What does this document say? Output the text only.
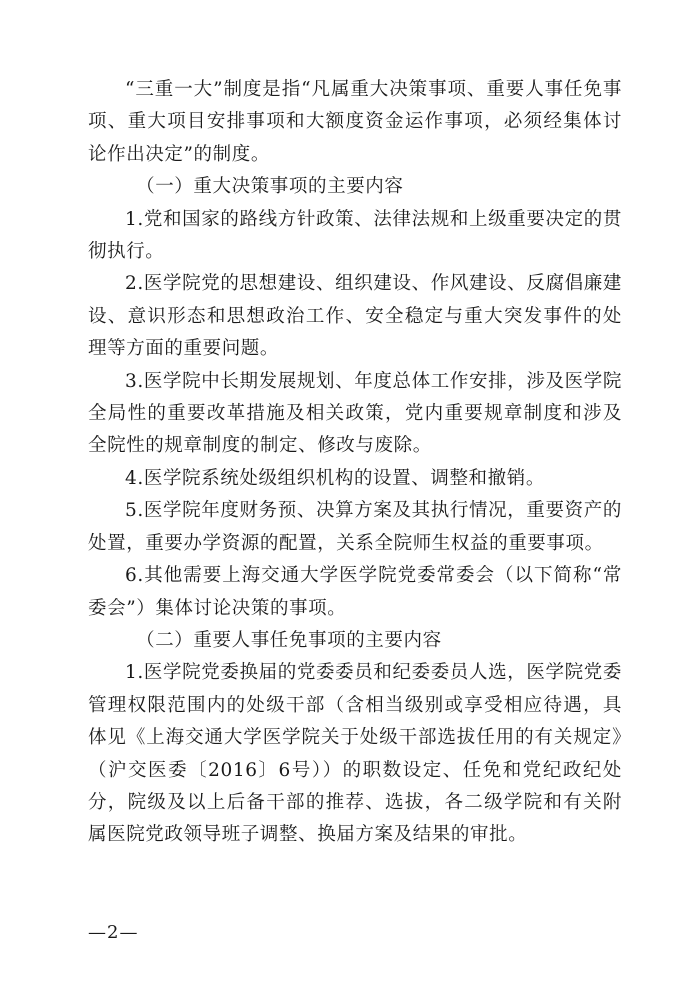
“三重一大”制度是指“凡属重大决策事项、重要人事任免事项、重大项目安排事项和大额度资金运作事项，必须经集体讨论作出决定”的制度。

（一）重大决策事项的主要内容

1.党和国家的路线方针政策、法律法规和上级重要决定的贯彻执行。

2.医学院党的思想建设、组织建设、作风建设、反腐倡廉建设、意识形态和思想政治工作、安全稳定与重大突发事件的处理等方面的重要问题。

3.医学院中长期发展规划、年度总体工作安排，涉及医学院全局性的重要改革措施及相关政策，党内重要规章制度和涉及全院性的规章制度的制定、修改与废除。

4.医学院系统处级组织机构的设置、调整和撤销。

5.医学院年度财务预、决算方案及其执行情况，重要资产的处置，重要办学资源的配置，关系全院师生权益的重要事项。

6.其他需要上海交通大学医学院党委常委会（以下简称“常委会”）集体讨论决策的事项。

（二）重要人事任免事项的主要内容

1.医学院党委换届的党委委员和纪委委员人选，医学院党委管理权限范围内的处级干部（含相当级别或享受相应待遇，具体见《上海交通大学医学院关于处级干部选拔任用的有关规定》（沪交医委〔2016〕6号））的职数设定、任免和党纪政纪处分，院级及以上后备干部的推荐、选拔，各二级学院和有关附属医院党政领导班子调整、换届方案及结果的审批。

—2—
